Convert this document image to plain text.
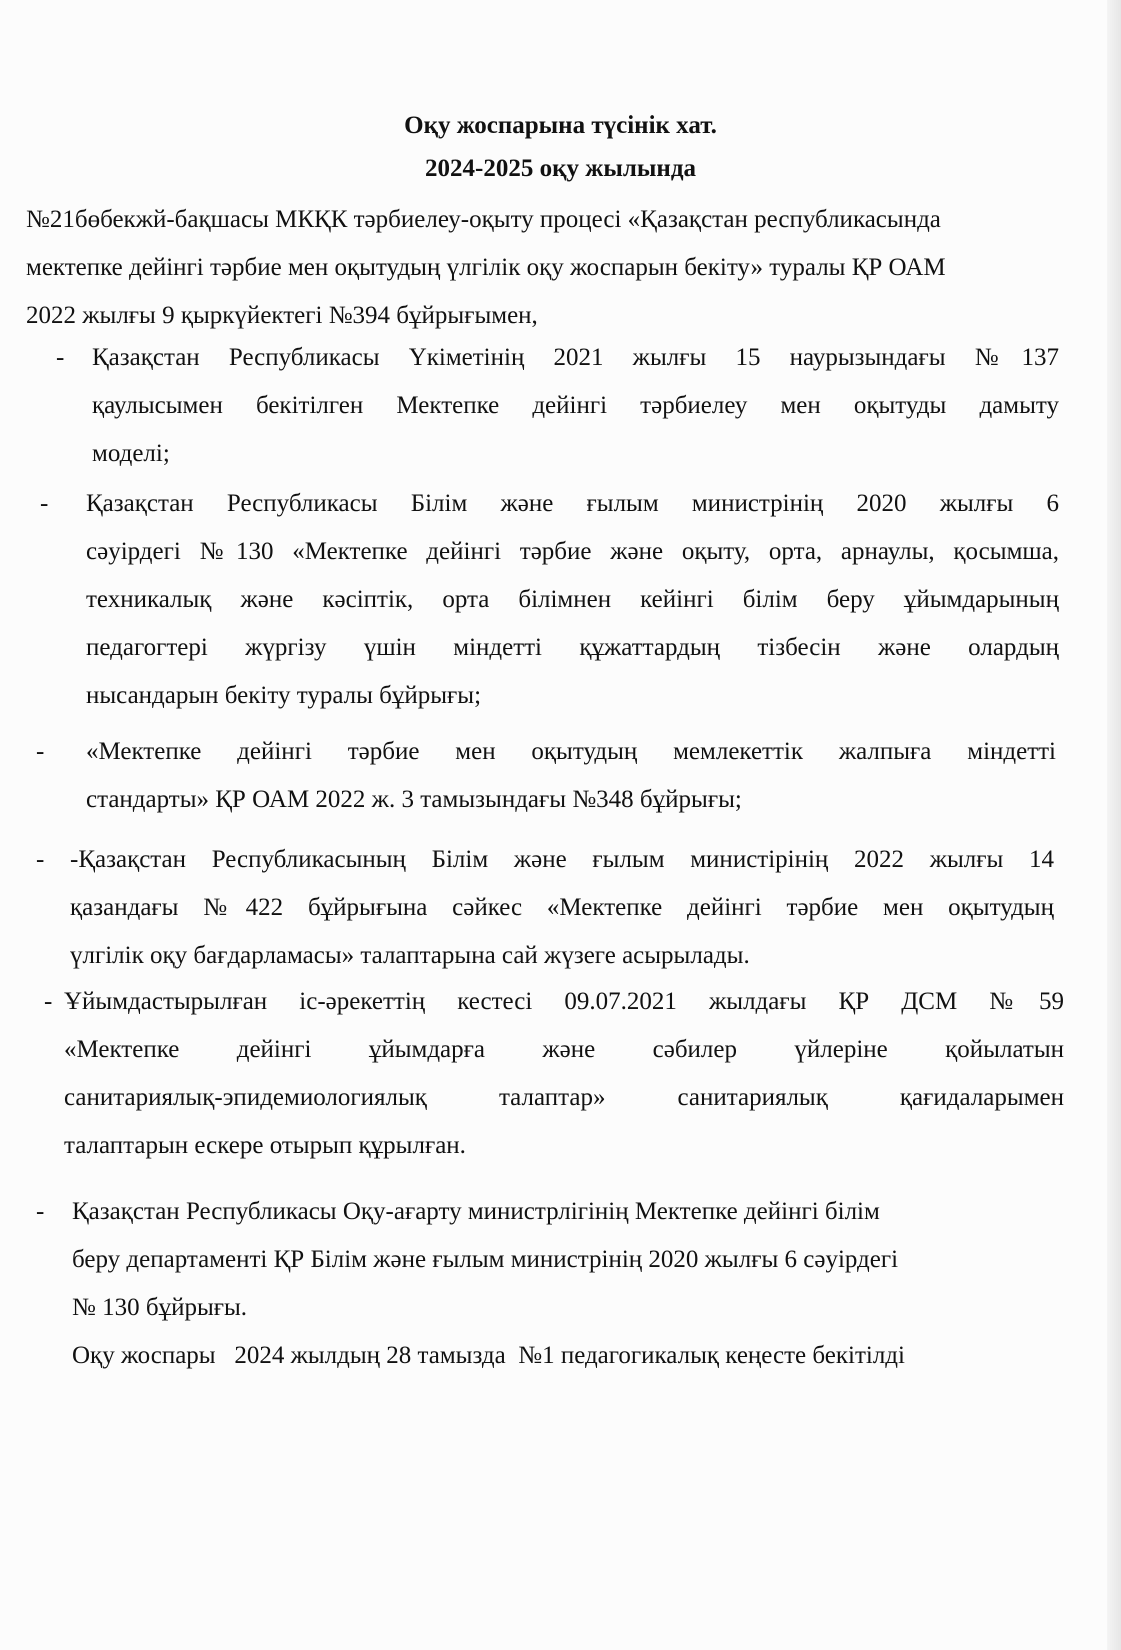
Оқу жоспарына түсінік хат.
2024-2025 оқу жылында
№21бөбекжй-бақшасы МКҚК тәрбиелеу-оқыту процесі «Қазақстан республикасында
мектепке дейінгі тәрбие мен оқытудың үлгілік оқу жоспарын бекіту» туралы ҚР ОАМ
2022 жылғы 9 қыркүйектегі №394 бұйрығымен,
- Қазақстан Республикасы Үкіметінің 2021 жылғы 15 наурызындағы №137
қаулысымен бекітілген Мектепке дейінгі тәрбиелеу мен оқытуды дамыту
моделі;
- Қазақстан Республикасы Білім және ғылым министрінің 2020 жылғы 6
сәуірдегі №130 «Мектепке дейінгі тәрбие және оқыту, орта, арнаулы, қосымша,
техникалық және кәсіптік, орта білімнен кейінгі білім беру ұйымдарының
педагогтері жүргізу үшін міндетті құжаттардың тізбесін және олардың
нысандарын бекіту туралы бұйрығы;
- «Мектепке дейінгі тәрбие мен оқытудың мемлекеттік жалпыға міндетті
стандарты» ҚР ОАМ 2022 ж. 3 тамызындағы №348 бұйрығы;
- -Қазақстан Республикасының Білім және ғылым министірінің 2022 жылғы 14
қазандағы №422 бұйрығына сәйкес «Мектепке дейінгі тәрбие мен оқытудың
үлгілік оқу бағдарламасы» талаптарына сай жүзеге асырылады.
- Ұйымдастырылған іс-әрекеттің кестесі 09.07.2021 жылдағы ҚР ДСМ №59
«Мектепке дейінгі ұйымдарға және сәбилер үйлеріне қойылатын
санитариялық-эпидемиологиялық талаптар» санитариялық қағидаларымен
талаптарын ескере отырып құрылған.
- Қазақстан Республикасы Оқу-ағарту министрлігінің Мектепке дейінгі білім
беру департаменті ҚР Білім және ғылым министрінің 2020 жылғы 6 сәуірдегі
№ 130 бұйрығы.
Оқу жоспары   2024 жылдың 28 тамызда  №1 педагогикалық кеңесте бекітілді
